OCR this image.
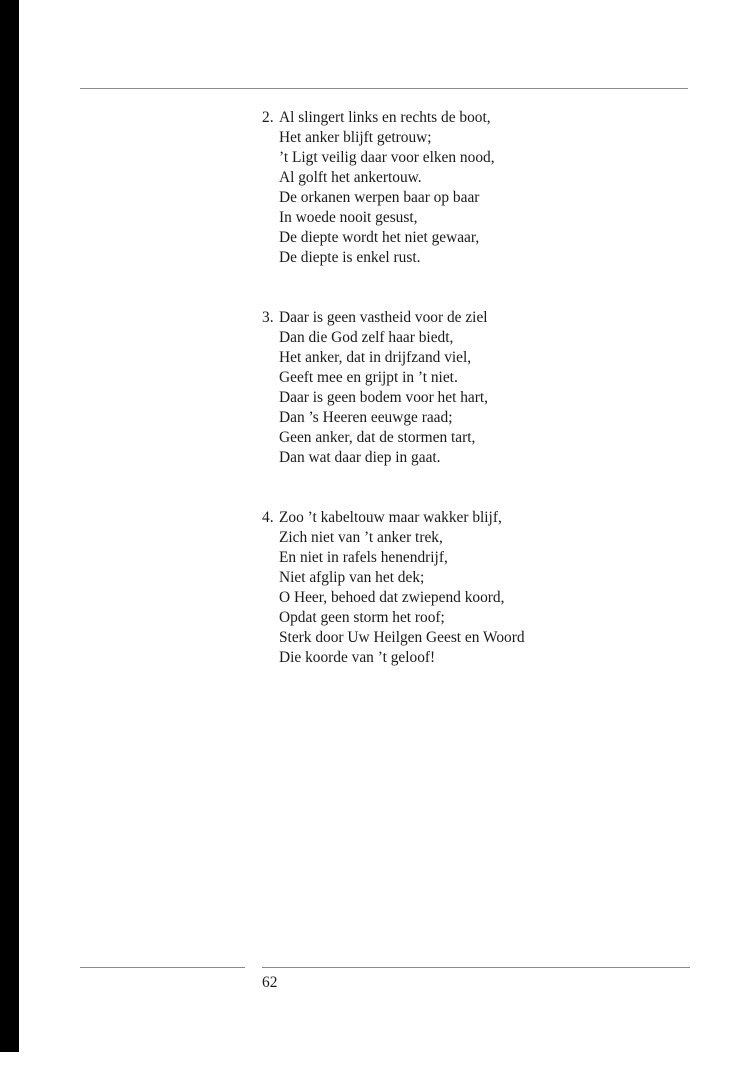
2. Al slingert links en rechts de boot,
Het anker blijft getrouw;
’t Ligt veilig daar voor elken nood,
Al golft het ankertouw.
De orkanen werpen baar op baar
In woede nooit gesust,
De diepte wordt het niet gewaar,
De diepte is enkel rust.
3. Daar is geen vastheid voor de ziel
Dan die God zelf haar biedt,
Het anker, dat in drijfzand viel,
Geeft mee en grijpt in ’t niet.
Daar is geen bodem voor het hart,
Dan ’s Heeren eeuwge raad;
Geen anker, dat de stormen tart,
Dan wat daar diep in gaat.
4. Zoo ’t kabeltouw maar wakker blijf,
Zich niet van ’t anker trek,
En niet in rafels henendrijf,
Niet afglip van het dek;
O Heer, behoed dat zwiepend koord,
Opdat geen storm het roof;
Sterk door Uw Heilgen Geest en Woord
Die koorde van ’t geloof!
62
